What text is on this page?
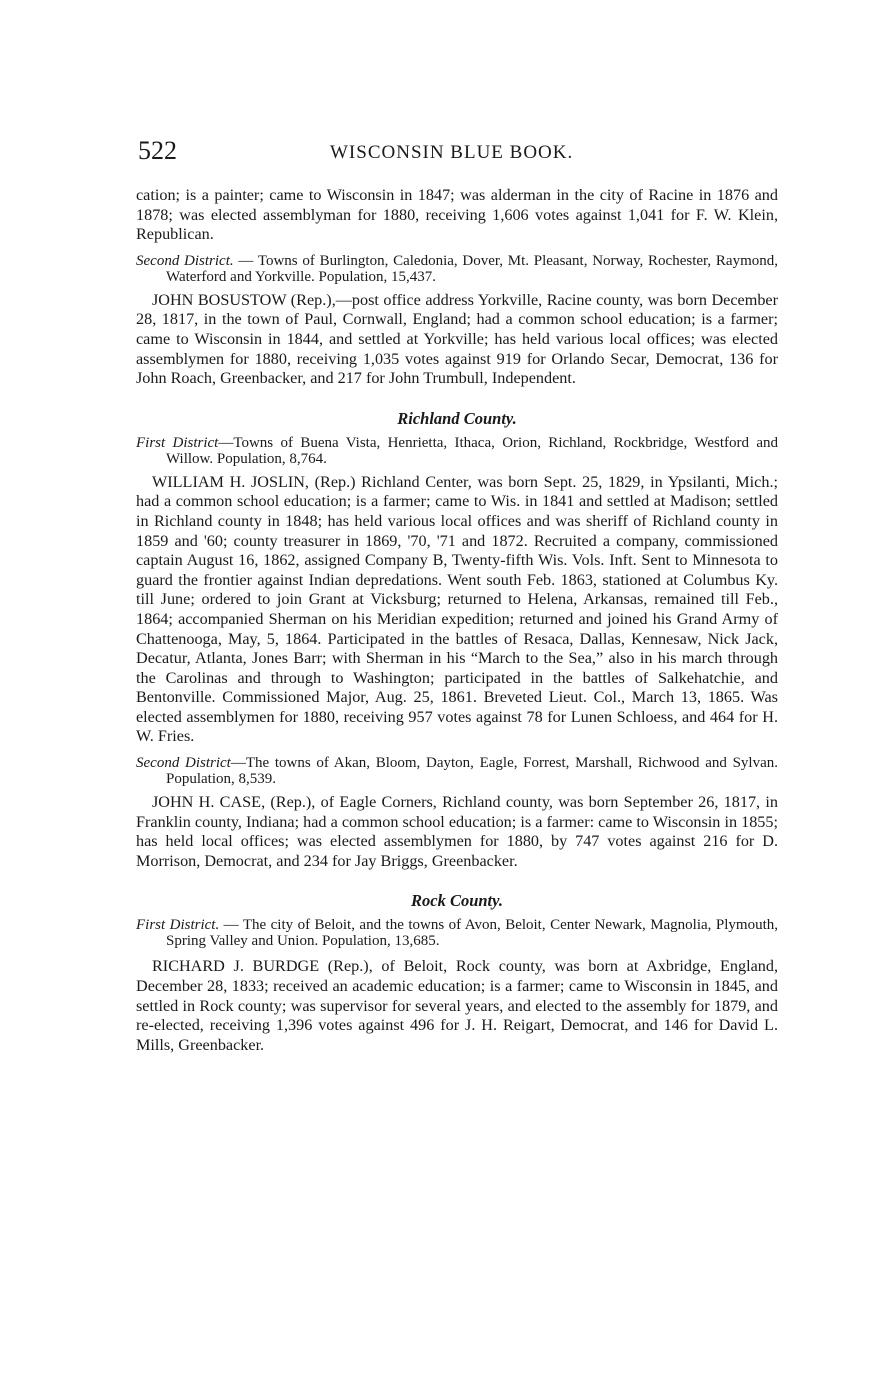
522	WISCONSIN BLUE BOOK.

cation; is a painter; came to Wisconsin in 1847; was alderman in the city of Racine in 1876 and 1878; was elected assemblyman for 1880, receiving 1,606 votes against 1,041 for F. W. Klein, Republican.

Second District. — Towns of Burlington, Caledonia, Dover, Mt. Pleasant, Norway, Rochester, Raymond, Waterford and Yorkville. Population, 15,437.

JOHN BOSUSTOW (Rep.),—post office address Yorkville, Racine county, was born December 28, 1817, in the town of Paul, Cornwall, England; had a common school education; is a farmer; came to Wisconsin in 1844, and settled at Yorkville; has held various local offices; was elected assemblymen for 1880, receiving 1,035 votes against 919 for Orlando Secar, Democrat, 136 for John Roach, Greenbacker, and 217 for John Trumbull, Independent.

Richland County.

First District—Towns of Buena Vista, Henrietta, Ithaca, Orion, Richland, Rockbridge, Westford and Willow. Population, 8,764.

WILLIAM H. JOSLIN, (Rep.) Richland Center, was born Sept. 25, 1829, in Ypsilanti, Mich.; had a common school education; is a farmer; came to Wis. in 1841 and settled at Madison; settled in Richland county in 1848; has held various local offices and was sheriff of Richland county in 1859 and '60; county treasurer in 1869, '70, '71 and 1872. Recruited a company, commissioned captain August 16, 1862, assigned Company B, Twenty-fifth Wis. Vols. Inft. Sent to Minnesota to guard the frontier against Indian depredations. Went south Feb. 1863, stationed at Columbus Ky. till June; ordered to join Grant at Vicksburg; returned to Helena, Arkansas, remained till Feb., 1864; accompanied Sherman on his Meridian expedition; returned and joined his Grand Army of Chattenooga, May, 5, 1864. Participated in the battles of Resaca, Dallas, Kennesaw, Nick Jack, Decatur, Atlanta, Jones Barr; with Sherman in his “March to the Sea,” also in his march through the Carolinas and through to Washington; participated in the battles of Salkehatchie, and Bentonville. Commissioned Major, Aug. 25, 1861. Breveted Lieut. Col., March 13, 1865. Was elected assemblymen for 1880, receiving 957 votes against 78 for Lunen Schloess, and 464 for H. W. Fries.

Second District—The towns of Akan, Bloom, Dayton, Eagle, Forrest, Marshall, Richwood and Sylvan. Population, 8,539.

JOHN H. CASE, (Rep.), of Eagle Corners, Richland county, was born September 26, 1817, in Franklin county, Indiana; had a common school education; is a farmer: came to Wisconsin in 1855; has held local offices; was elected assemblymen for 1880, by 747 votes against 216 for D. Morrison, Democrat, and 234 for Jay Briggs, Greenbacker.

Rock County.

First District. — The city of Beloit, and the towns of Avon, Beloit, Center Newark, Magnolia, Plymouth, Spring Valley and Union. Population, 13,685.

RICHARD J. BURDGE (Rep.), of Beloit, Rock county, was born at Axbridge, England, December 28, 1833; received an academic education; is a farmer; came to Wisconsin in 1845, and settled in Rock county; was supervisor for several years, and elected to the assembly for 1879, and re-elected, receiving 1,396 votes against 496 for J. H. Reigart, Democrat, and 146 for David L. Mills, Greenbacker.
